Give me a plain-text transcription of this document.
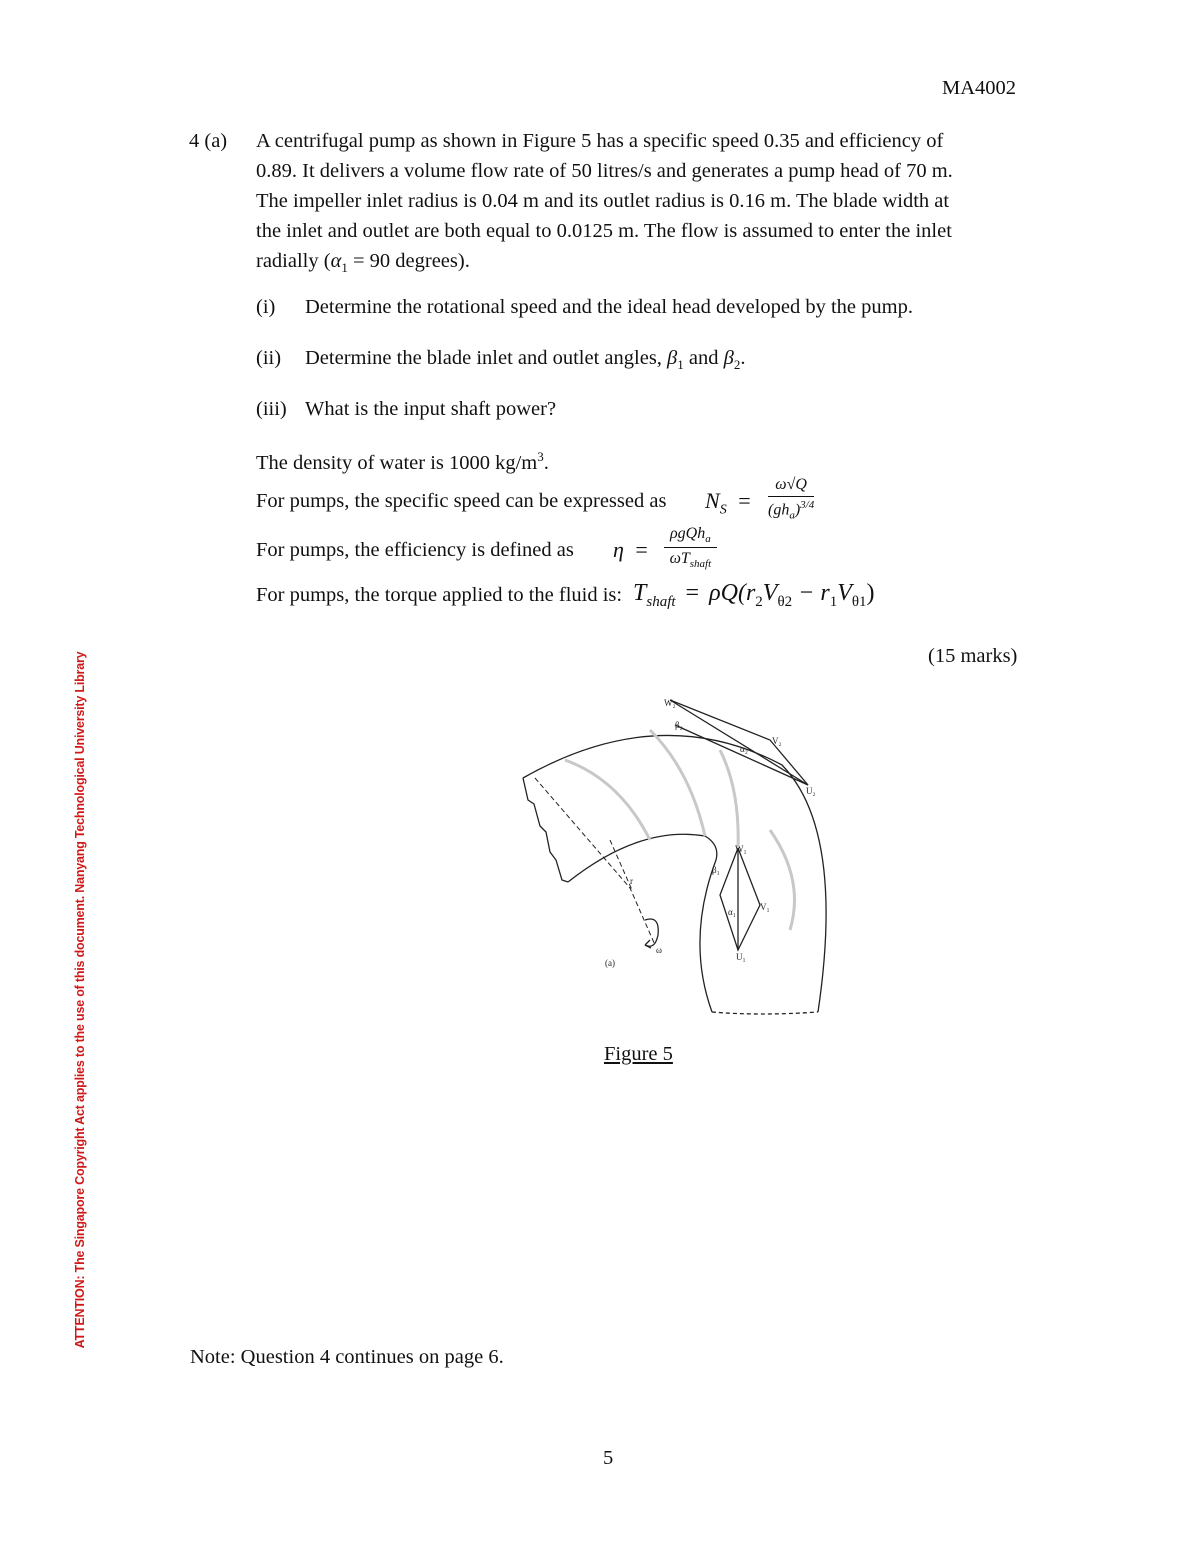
MA4002
4 (a) A centrifugal pump as shown in Figure 5 has a specific speed 0.35 and efficiency of
0.89. It delivers a volume flow rate of 50 litres/s and generates a pump head of 70 m.
The impeller inlet radius is 0.04 m and its outlet radius is 0.16 m. The blade width at
the inlet and outlet are both equal to 0.0125 m. The flow is assumed to enter the inlet
radially ($\alpha_1 = 90$ degrees).
(i) Determine the rotational speed and the ideal head developed by the pump.
(ii) Determine the blade inlet and outlet angles, $\beta_1$ and $\beta_2$.
(iii) What is the input shaft power?
The density of water is 1000 $kg/m^3$.
For pumps, the specific speed can be expressed as $N_S = \frac{\omega√Q}{(gh_a)^{3/4}}$
For pumps, the efficiency is defined as $\eta = \frac{\rho gQh_a}{\omega T_{shaft}}$
For pumps, the torque applied to the fluid is: $T_{shaft} = \rho Q(r_2V_{\theta 2} - r_1V_{\theta 1})$
(15 marks)
ATTENTION: The Singapore Copyright Act applies to the use of this document. Nanyang Technological University Library	W₂
β₂
α₂
V₂
U₂
W₁
β₁
α₁	V₁
U₁
r
ω
(a)
Figure 5
Note: Question 4 continues on page 6.
5
